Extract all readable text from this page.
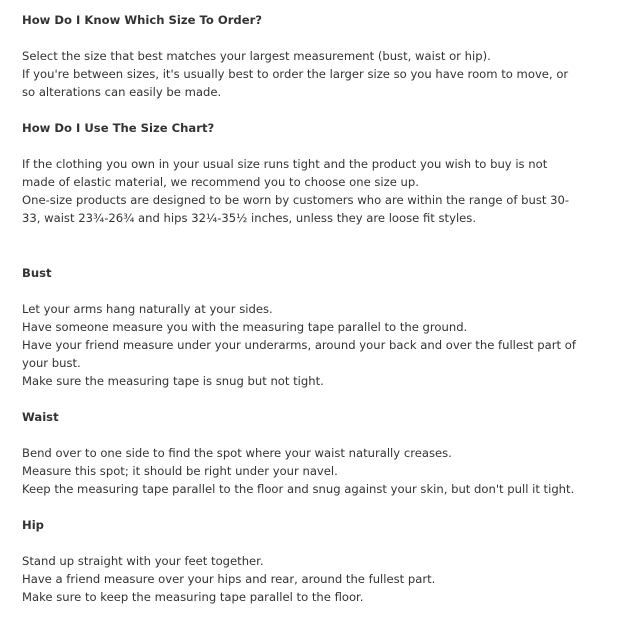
How Do I Know Which Size To Order?
Select the size that best matches your largest measurement (bust, waist or hip).
If you're between sizes, it's usually best to order the larger size so you have room to move, or
so alterations can easily be made.
How Do I Use The Size Chart?
If the clothing you own in your usual size runs tight and the product you wish to buy is not
made of elastic material, we recommend you to choose one size up.
One-size products are designed to be worn by customers who are within the range of bust 30-
33, waist 23¾-26¾ and hips 32¼-35½ inches, unless they are loose fit styles.
Bust
Let your arms hang naturally at your sides.
Have someone measure you with the measuring tape parallel to the ground.
Have your friend measure under your underarms, around your back and over the fullest part of
your bust.
Make sure the measuring tape is snug but not tight.
Waist
Bend over to one side to find the spot where your waist naturally creases.
Measure this spot; it should be right under your navel.
Keep the measuring tape parallel to the floor and snug against your skin, but don't pull it tight.
Hip
Stand up straight with your feet together.
Have a friend measure over your hips and rear, around the fullest part.
Make sure to keep the measuring tape parallel to the floor.
